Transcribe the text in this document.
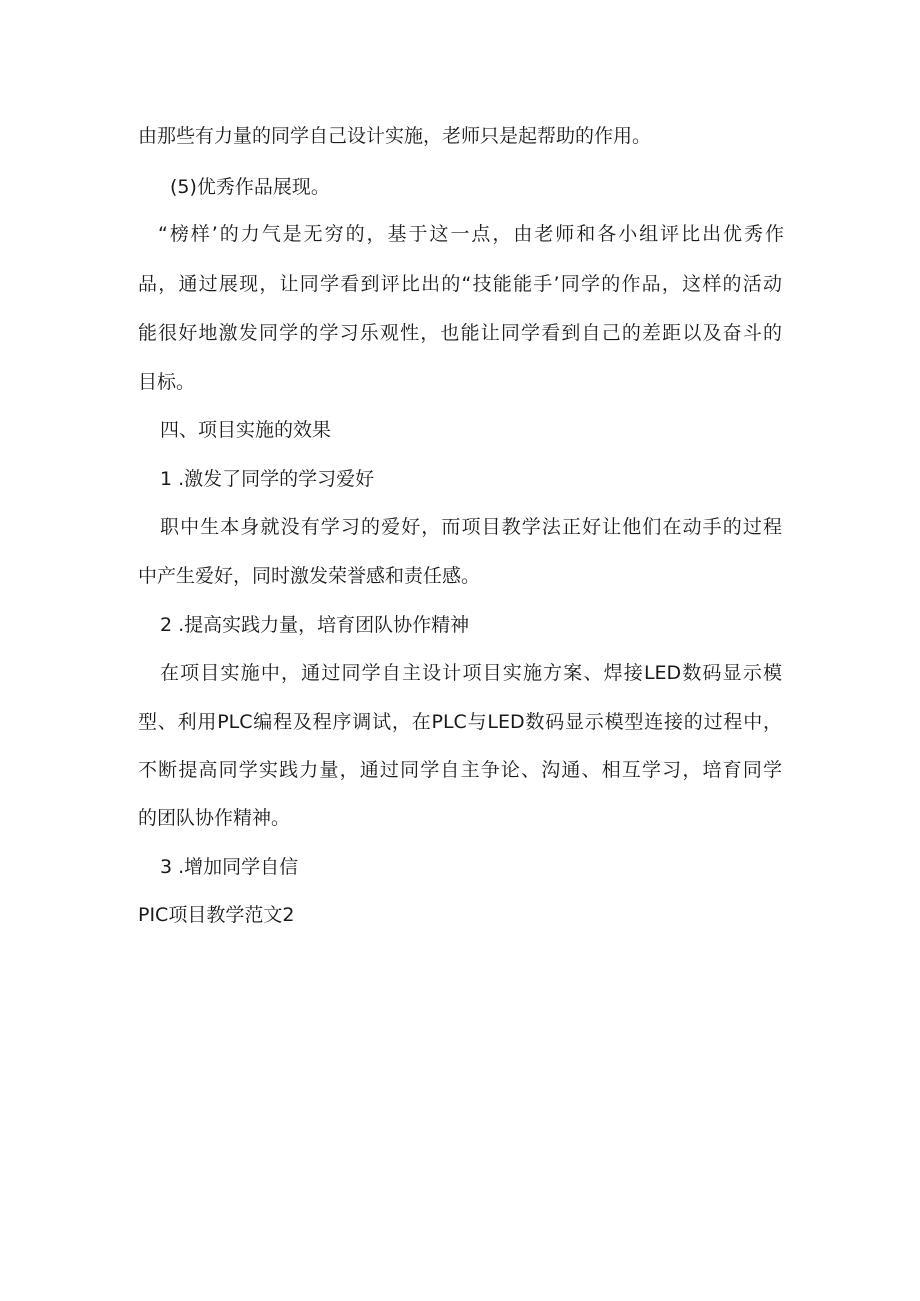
由那些有力量的同学自己设计实施，老师只是起帮助的作用。
(5)优秀作品展现。
“榜样’的力气是无穷的，基于这一点，由老师和各小组评比出优秀作
品，通过展现，让同学看到评比出的“技能能手’同学的作品，这样的活动
能很好地激发同学的学习乐观性，也能让同学看到自己的差距以及奋斗的
目标。
四、项目实施的效果
1 .激发了同学的学习爱好
职中生本身就没有学习的爱好，而项目教学法正好让他们在动手的过程
中产生爱好，同时激发荣誉感和责任感。
2 .提高实践力量，培育团队协作精神
在项目实施中，通过同学自主设计项目实施方案、焊接LED数码显示模
型、利用PLC编程及程序调试，在PLC与LED数码显示模型连接的过程中，
不断提高同学实践力量，通过同学自主争论、沟通、相互学习，培育同学
的团队协作精神。
3 .增加同学自信
PIC项目教学范文2
